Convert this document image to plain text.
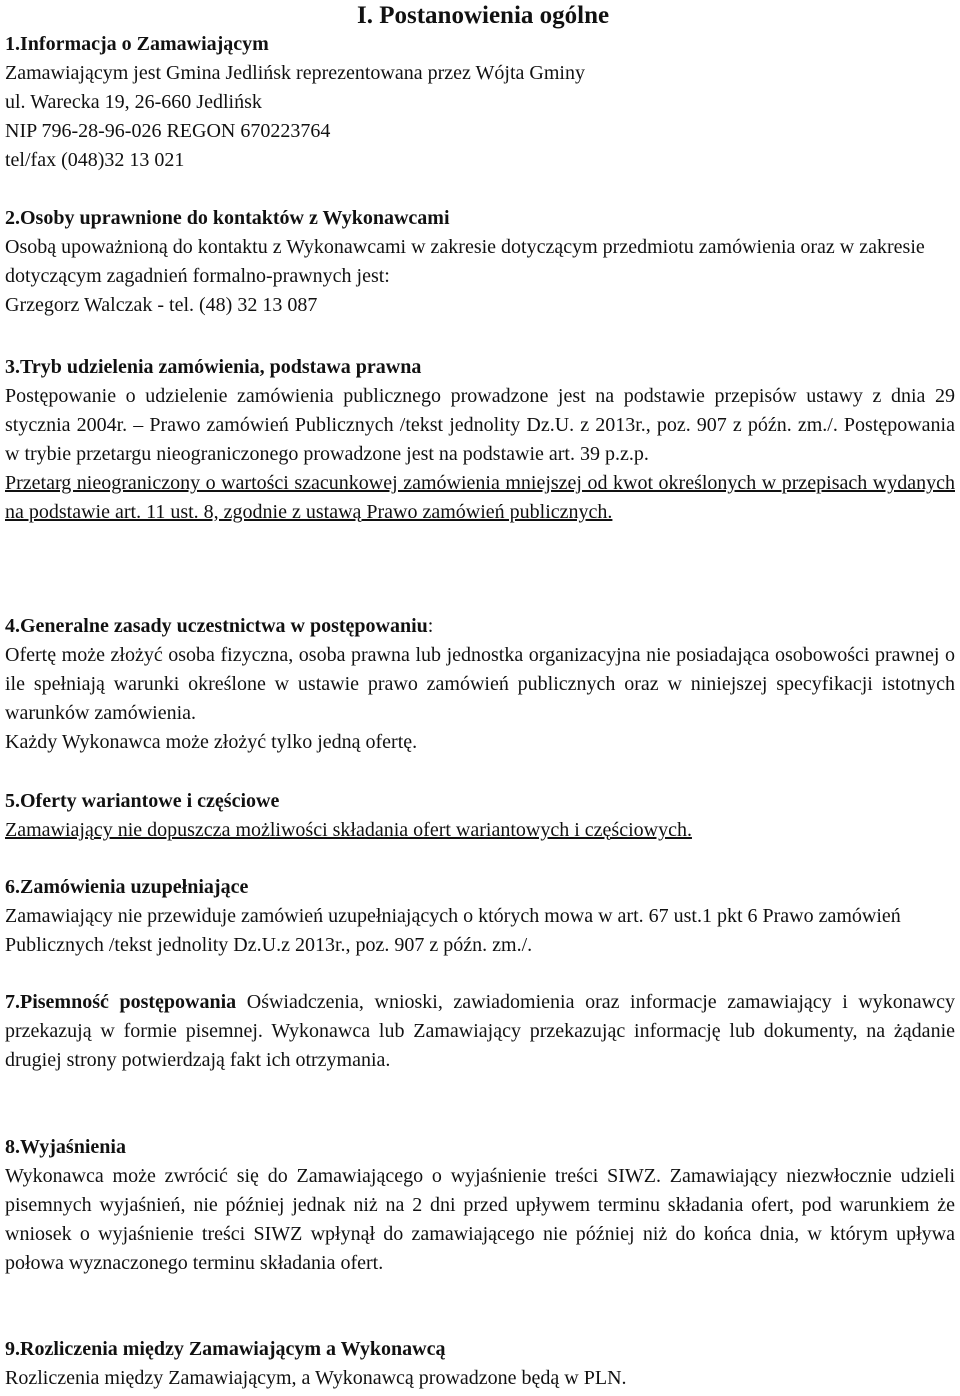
I. Postanowienia ogólne

1.Informacja o Zamawiającym

Zamawiającym jest Gmina Jedlińsk reprezentowana przez Wójta Gminy

ul. Warecka 19, 26-660 Jedlińsk

NIP 796-28-96-026 REGON 670223764

tel/fax (048)32 13 021

2.Osoby uprawnione do kontaktów z Wykonawcami

Osobą upoważnioną do kontaktu z Wykonawcami w zakresie dotyczącym przedmiotu zamówienia oraz w zakresie dotyczącym zagadnień formalno-prawnych jest:

Grzegorz Walczak - tel. (48) 32 13 087

3.Tryb udzielenia zamówienia, podstawa prawna

Postępowanie o udzielenie zamówienia publicznego prowadzone jest na podstawie przepisów ustawy z dnia 29 stycznia 2004r. – Prawo zamówień Publicznych /tekst jednolity Dz.U. z 2013r., poz. 907 z późn. zm./. Postępowania w trybie przetargu nieograniczonego prowadzone jest na podstawie art. 39 p.z.p.

Przetarg nieograniczony o wartości szacunkowej zamówienia mniejszej od kwot określonych w przepisach wydanych na podstawie art. 11 ust. 8, zgodnie z ustawą Prawo zamówień publicznych.

4.Generalne zasady uczestnictwa w postępowaniu:

Ofertę może złożyć osoba fizyczna, osoba prawna lub jednostka organizacyjna nie posiadająca osobowości prawnej o ile spełniają warunki określone w ustawie prawo zamówień publicznych oraz w niniejszej specyfikacji istotnych warunków zamówienia.

Każdy Wykonawca może złożyć tylko jedną ofertę.

5.Oferty wariantowe i częściowe

Zamawiający nie dopuszcza możliwości składania ofert wariantowych i częściowych.

6.Zamówienia uzupełniające

Zamawiający nie przewiduje zamówień uzupełniających o których mowa w art. 67 ust.1 pkt 6 Prawo zamówień Publicznych /tekst jednolity Dz.U.z 2013r., poz. 907 z późn. zm./.

7.Pisemność postępowania Oświadczenia, wnioski, zawiadomienia oraz informacje zamawiający i wykonawcy przekazują w formie pisemnej. Wykonawca lub Zamawiający przekazując informację lub dokumenty, na żądanie drugiej strony potwierdzają fakt ich otrzymania.

8.Wyjaśnienia

Wykonawca może zwrócić się do Zamawiającego o wyjaśnienie treści SIWZ. Zamawiający niezwłocznie udzieli pisemnych wyjaśnień, nie później jednak niż na 2 dni przed upływem terminu składania ofert, pod warunkiem że wniosek o wyjaśnienie treści SIWZ wpłynął do zamawiającego nie później niż do końca dnia, w którym upływa połowa wyznaczonego terminu składania ofert.

9.Rozliczenia między Zamawiającym a Wykonawcą

Rozliczenia między Zamawiającym, a Wykonawcą prowadzone będą w PLN.
